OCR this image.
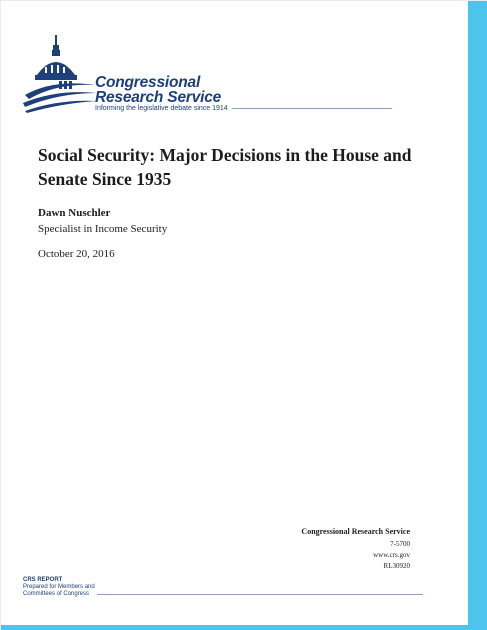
Congressional
Research Service
Informing the legislative debate since 1914
Social Security: Major Decisions in the House and Senate Since 1935
Dawn Nuschler
Specialist in Income Security
October 20, 2016
Congressional Research Service
7-5700
www.crs.gov
RL30920
CRS REPORT
Prepared for Members and
Committees of Congress
